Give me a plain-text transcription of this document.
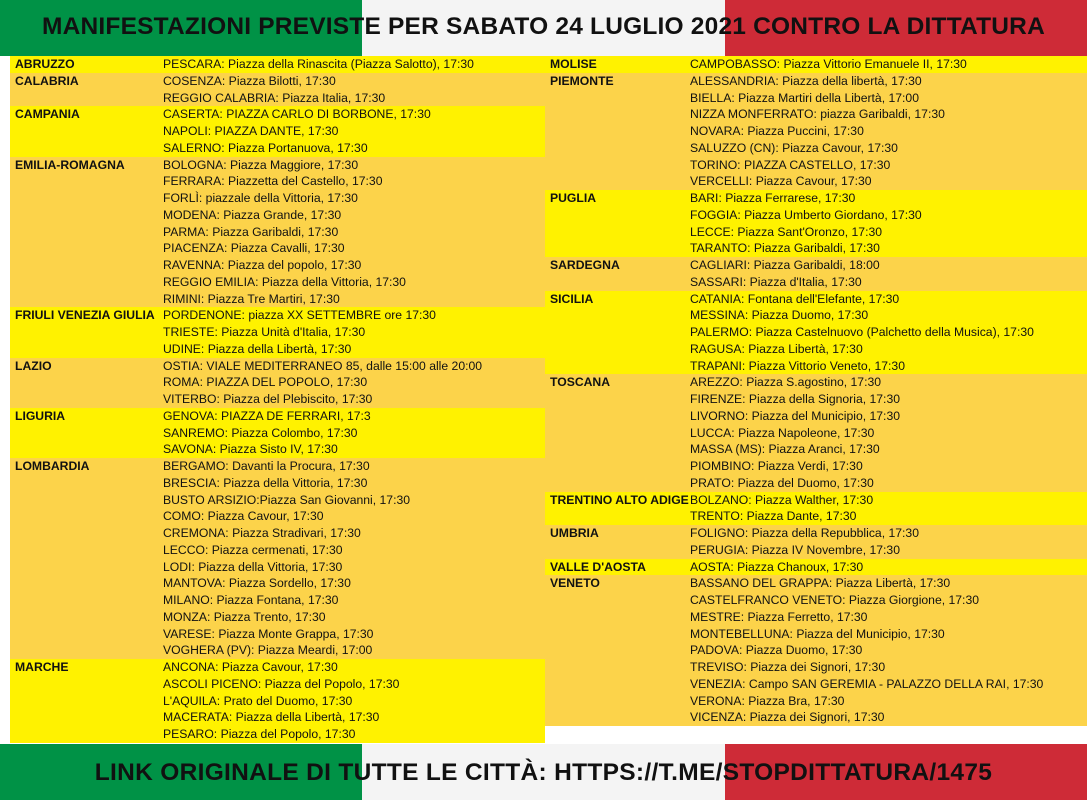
MANIFESTAZIONI PREVISTE PER SABATO 24 LUGLIO 2021 CONTRO LA DITTATURA
ABRUZZO	PESCARA: Piazza della Rinascita (Piazza Salotto), 17:30
CALABRIA	COSENZA: Piazza Bilotti, 17:30
REGGIO CALABRIA: Piazza Italia, 17:30
CAMPANIA	CASERTA: PIAZZA CARLO DI BORBONE, 17:30
NAPOLI: PIAZZA DANTE, 17:30
SALERNO: Piazza Portanuova, 17:30
EMILIA-ROMAGNA	BOLOGNA: Piazza Maggiore, 17:30
FERRARA: Piazzetta del Castello, 17:30
FORLÌ: piazzale della Vittoria, 17:30
MODENA: Piazza Grande, 17:30
PARMA: Piazza Garibaldi, 17:30
PIACENZA: Piazza Cavalli, 17:30
RAVENNA: Piazza del popolo, 17:30
REGGIO EMILIA: Piazza della Vittoria, 17:30
RIMINI: Piazza Tre Martiri, 17:30
FRIULI VENEZIA GIULIA PORDENONE: piazza XX SETTEMBRE ore 17:30
TRIESTE: Piazza Unità d'Italia, 17:30
UDINE: Piazza della Libertà, 17:30
LAZIO	OSTIA: VIALE MEDITERRANEO 85, dalle 15:00 alle 20:00
ROMA: PIAZZA DEL POPOLO, 17:30
VITERBO: Piazza del Plebiscito, 17:30
LIGURIA	GENOVA: PIAZZA DE FERRARI, 17:3
SANREMO: Piazza Colombo, 17:30
SAVONA: Piazza Sisto IV, 17:30
LOMBARDIA	BERGAMO: Davanti la Procura, 17:30
BRESCIA: Piazza della Vittoria, 17:30
BUSTO ARSIZIO:Piazza San Giovanni, 17:30
COMO: Piazza Cavour, 17:30
CREMONA: Piazza Stradivari, 17:30
LECCO: Piazza cermenati, 17:30
LODI: Piazza della Vittoria, 17:30
MANTOVA: Piazza Sordello, 17:30
MILANO: Piazza Fontana, 17:30
MONZA: Piazza Trento, 17:30
VARESE: Piazza Monte Grappa, 17:30
VOGHERA (PV): Piazza Meardi, 17:00
MARCHE	ANCONA: Piazza Cavour, 17:30
ASCOLI PICENO: Piazza del Popolo, 17:30
L'AQUILA: Prato del Duomo, 17:30
MACERATA: Piazza della Libertà, 17:30
PESARO: Piazza del Popolo, 17:30
MOLISE	CAMPOBASSO: Piazza Vittorio Emanuele II, 17:30
PIEMONTE	ALESSANDRIA: Piazza della libertà, 17:30
BIELLA: Piazza Martiri della Libertà, 17:00
NIZZA MONFERRATO: piazza Garibaldi, 17:30
NOVARA: Piazza Puccini, 17:30
SALUZZO (CN): Piazza Cavour, 17:30
TORINO: PIAZZA CASTELLO, 17:30
VERCELLI: Piazza Cavour, 17:30
PUGLIA	BARI: Piazza Ferrarese, 17:30
FOGGIA: Piazza Umberto Giordano, 17:30
LECCE: Piazza Sant'Oronzo, 17:30
TARANTO: Piazza Garibaldi, 17:30
SARDEGNA	CAGLIARI: Piazza Garibaldi, 18:00
SASSARI: Piazza d'Italia, 17:30
SICILIA	CATANIA: Fontana dell'Elefante, 17:30
MESSINA: Piazza Duomo, 17:30
PALERMO: Piazza Castelnuovo (Palchetto della Musica), 17:30
RAGUSA: Piazza Libertà, 17:30
TRAPANI: Piazza Vittorio Veneto, 17:30
TOSCANA	AREZZO: Piazza S.agostino, 17:30
FIRENZE: Piazza della Signoria, 17:30
LIVORNO: Piazza del Municipio, 17:30
LUCCA: Piazza Napoleone, 17:30
MASSA (MS): Piazza Aranci, 17:30
PIOMBINO: Piazza Verdi, 17:30
PRATO: Piazza del Duomo, 17:30
TRENTINO ALTO ADIGE BOLZANO: Piazza Walther, 17:30
TRENTO: Piazza Dante, 17:30
UMBRIA	FOLIGNO: Piazza della Repubblica, 17:30
PERUGIA: Piazza IV Novembre, 17:30
VALLE D'AOSTA	AOSTA: Piazza Chanoux, 17:30
VENETO	BASSANO DEL GRAPPA: Piazza Libertà, 17:30
CASTELFRANCO VENETO: Piazza Giorgione, 17:30
MESTRE: Piazza Ferretto, 17:30
MONTEBELLUNA: Piazza del Municipio, 17:30
PADOVA: Piazza Duomo, 17:30
TREVISO: Piazza dei Signori, 17:30
VENEZIA: Campo SAN GEREMIA - PALAZZO DELLA RAI, 17:30
VERONA: Piazza Bra, 17:30
VICENZA: Piazza dei Signori, 17:30
LINK ORIGINALE DI TUTTE LE CITTÀ: HTTPS://T.ME/STOPDITTATURA/1475
